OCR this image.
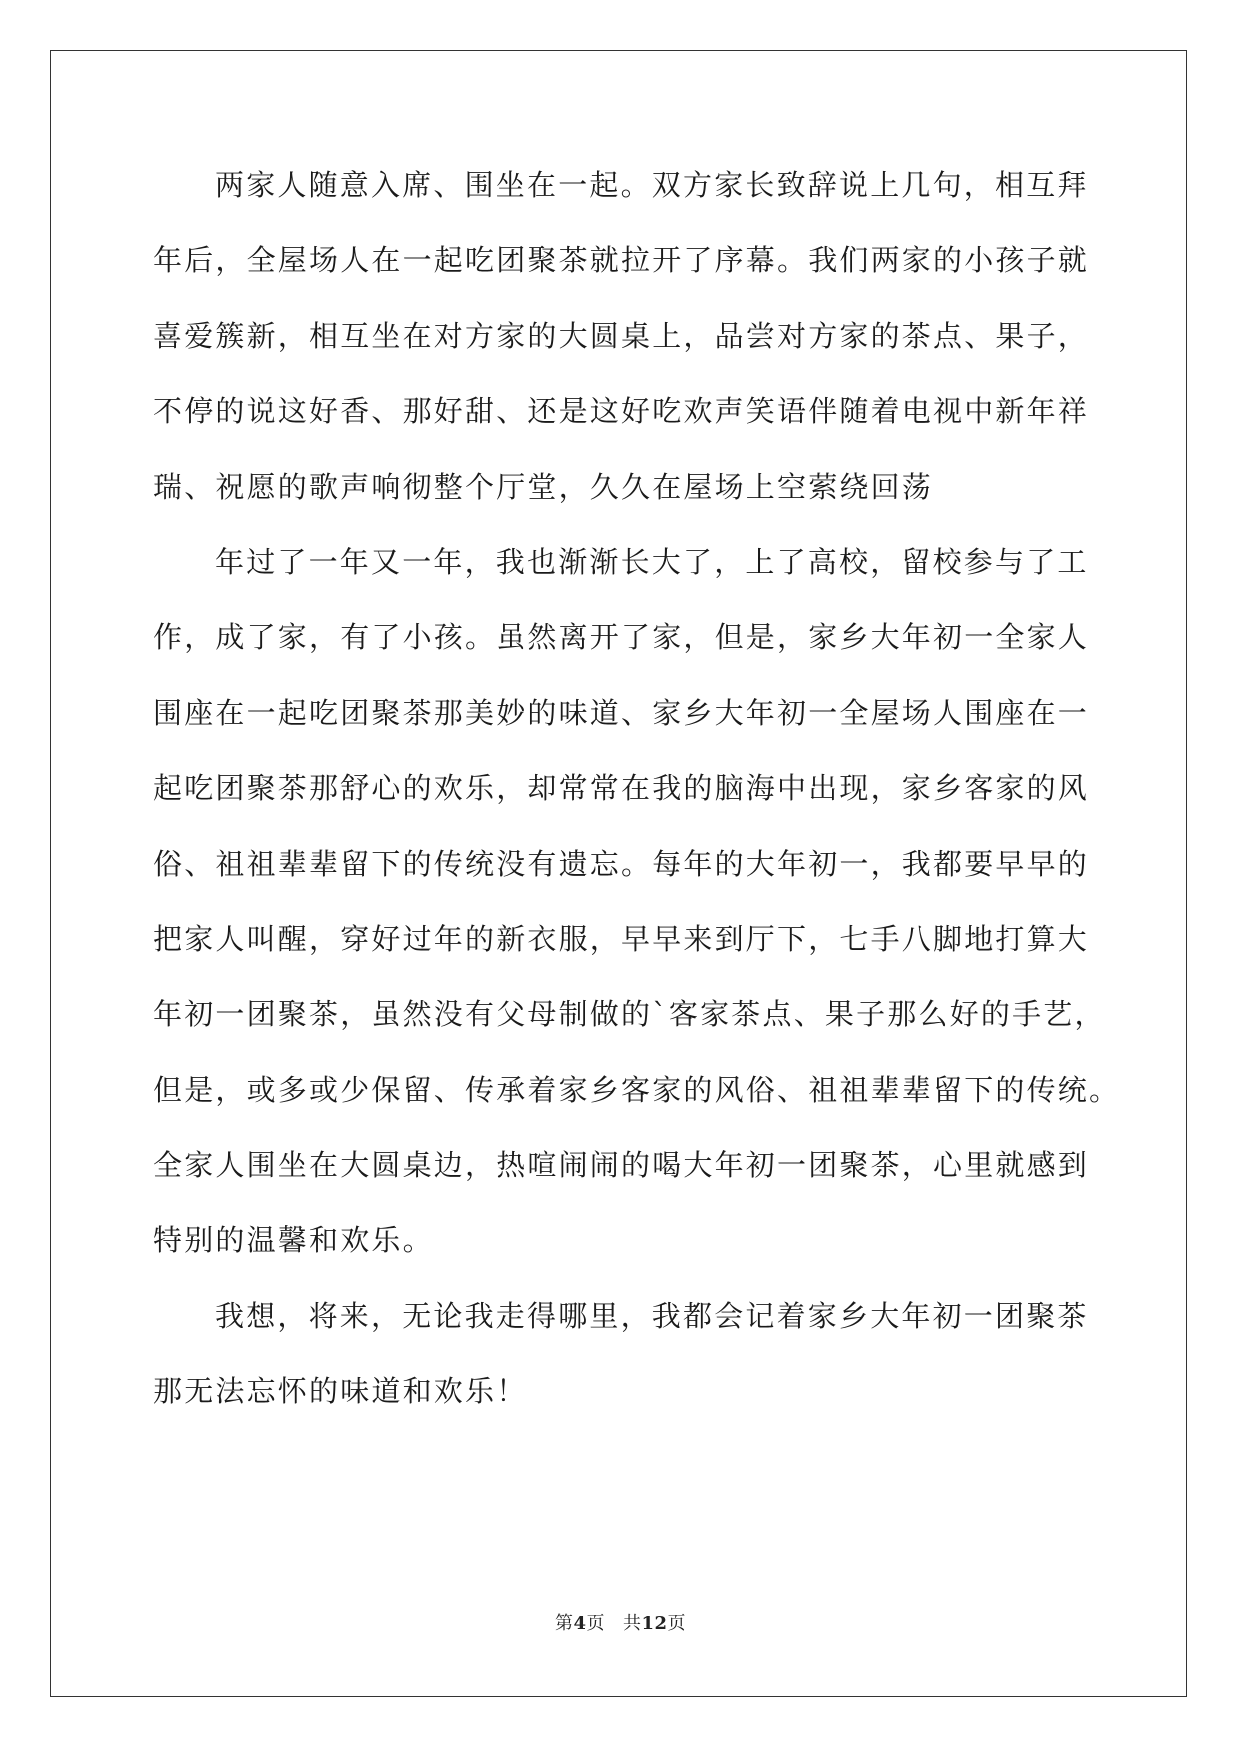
两家人随意入席、围坐在一起。双方家长致辞说上几句，相互拜
年后，全屋场人在一起吃团聚茶就拉开了序幕。我们两家的小孩子就
喜爱簇新，相互坐在对方家的大圆桌上，品尝对方家的茶点、果子，
不停的说这好香、那好甜、还是这好吃欢声笑语伴随着电视中新年祥
瑞、祝愿的歌声响彻整个厅堂，久久在屋场上空萦绕回荡
年过了一年又一年，我也渐渐长大了，上了高校，留校参与了工
作，成了家，有了小孩。虽然离开了家，但是，家乡大年初一全家人
围座在一起吃团聚茶那美妙的味道、家乡大年初一全屋场人围座在一
起吃团聚茶那舒心的欢乐，却常常在我的脑海中出现，家乡客家的风
俗、祖祖辈辈留下的传统没有遗忘。每年的大年初一，我都要早早的
把家人叫醒，穿好过年的新衣服，早早来到厅下，七手八脚地打算大
年初一团聚茶，虽然没有父母制做的`客家茶点、果子那么好的手艺，
但是，或多或少保留、传承着家乡客家的风俗、祖祖辈辈留下的传统。
全家人围坐在大圆桌边，热喧闹闹的喝大年初一团聚茶，心里就感到
特别的温馨和欢乐。
我想，将来，无论我走得哪里，我都会记着家乡大年初一团聚茶
那无法忘怀的味道和欢乐！
第4页 共12页
